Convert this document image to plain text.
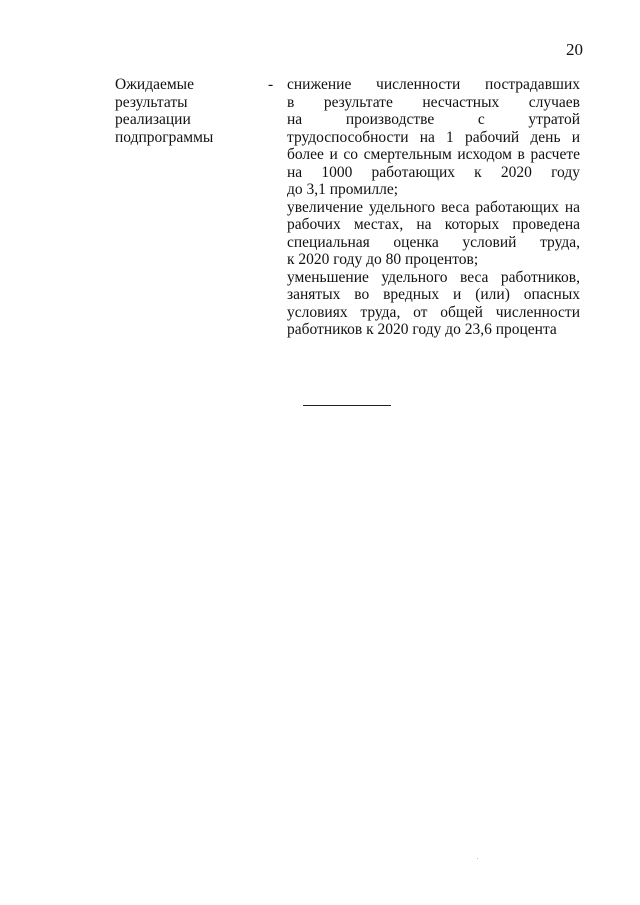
20
Ожидаемые
результаты
реализации
подпрограммы
- снижение численности пострадавших
в результате несчастных случаев
на производстве с утратой
трудоспособности на 1 рабочий день и
более и со смертельным исходом в расчете
на 1000 работающих к 2020 году
до 3,1 промилле;
увеличение удельного веса работающих на
рабочих местах, на которых проведена
специальная оценка условий труда,
к 2020 году до 80 процентов;
уменьшение удельного веса работников,
занятых во вредных и (или) опасных
условиях труда, от общей численности
работников к 2020 году до 23,6 процента
